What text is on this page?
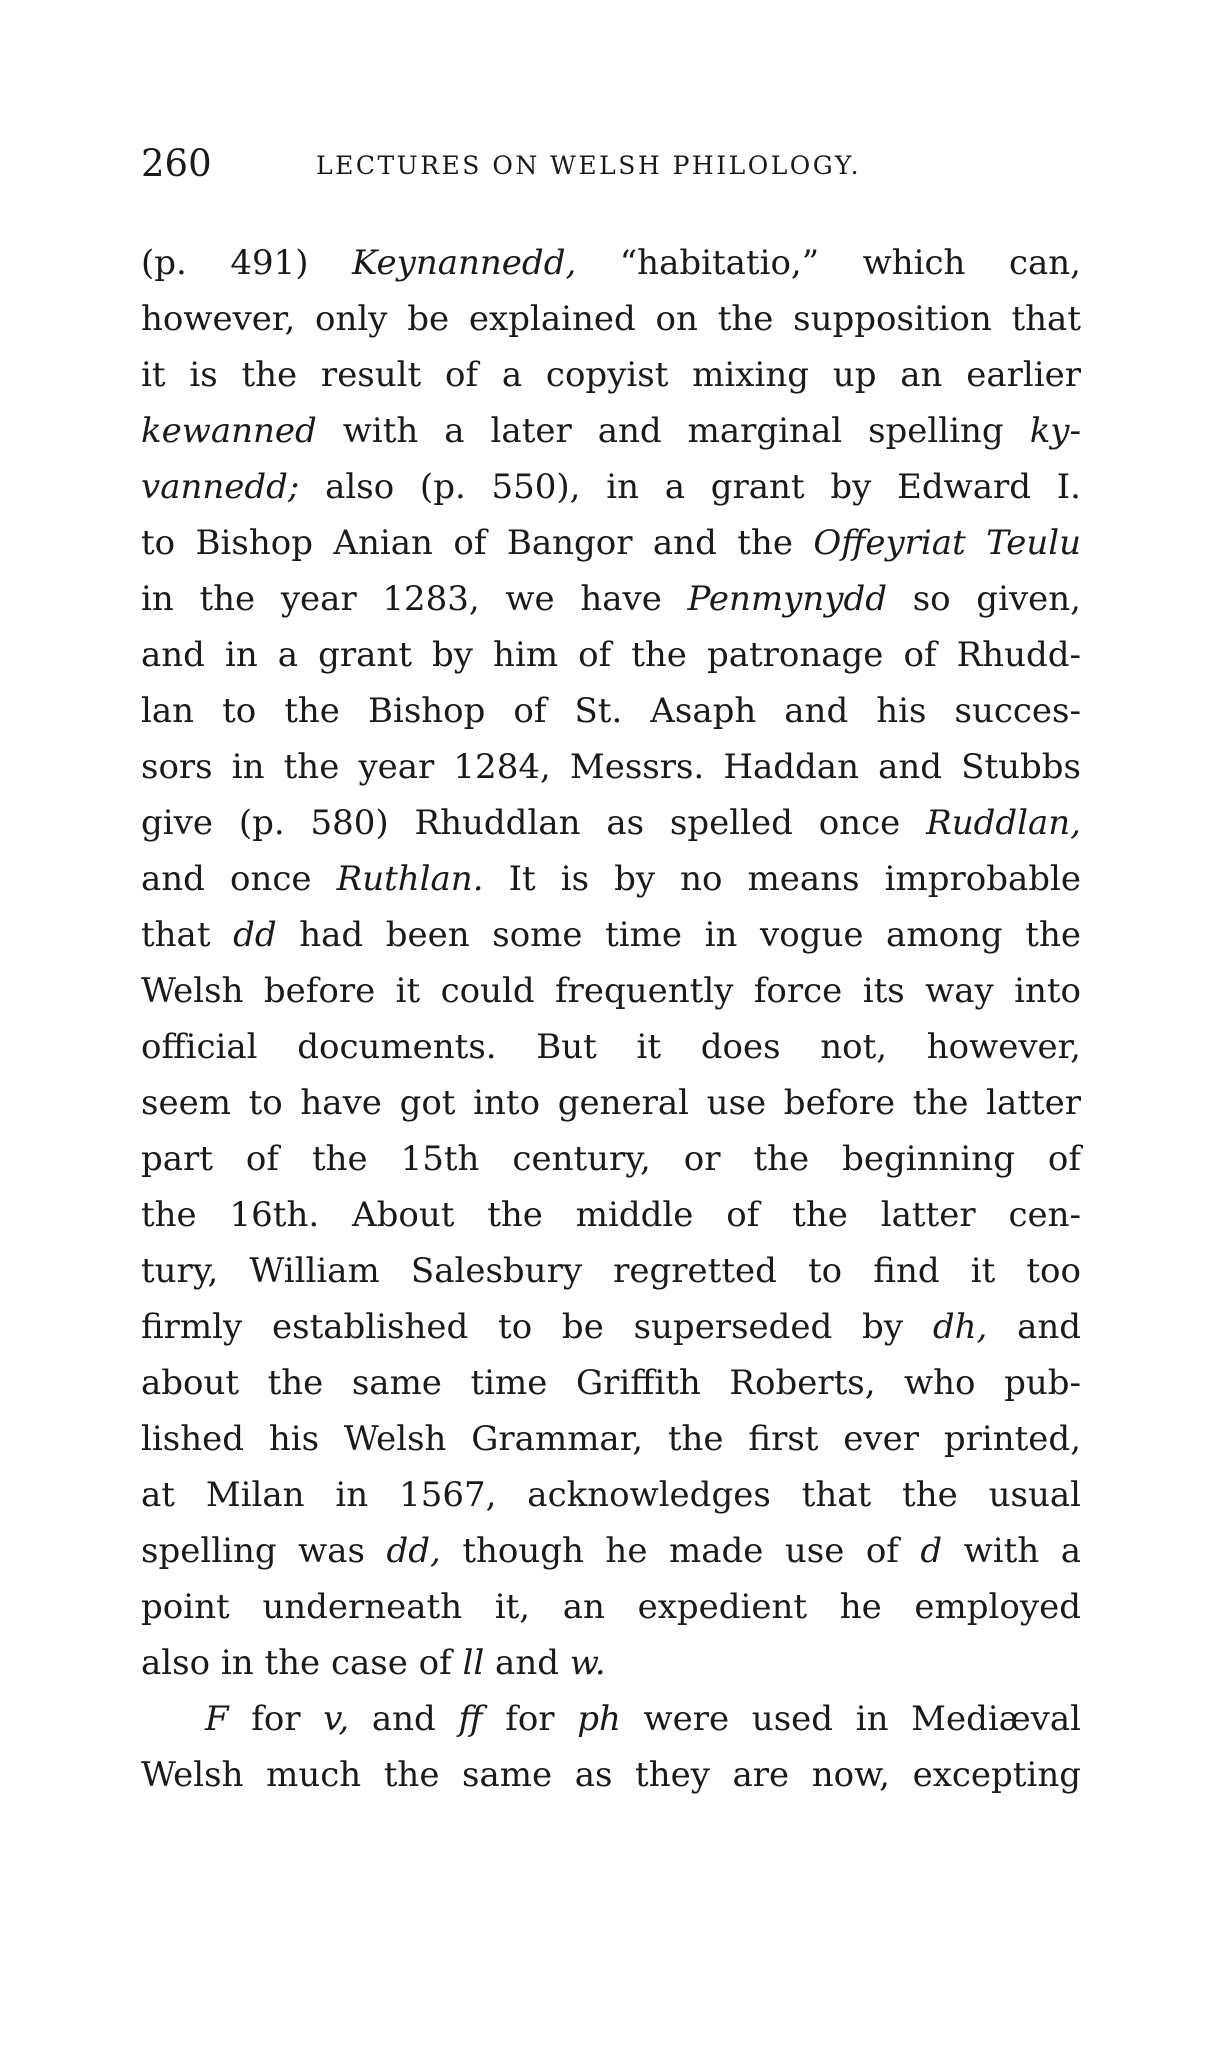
260	LECTURES ON WELSH PHILOLOGY.
(p. 491) Keynannedd, “habitatio,” which can,
however, only be explained on the supposition that
it is the result of a copyist mixing up an earlier
kewanned with a later and marginal spelling ky-
vannedd; also (p. 550), in a grant by Edward I.
to Bishop Anian of Bangor and the Offeyriat Teulu
in the year 1283, we have Penmynydd so given,
and in a grant by him of the patronage of Rhudd-
lan to the Bishop of St. Asaph and his succes-
sors in the year 1284, Messrs. Haddan and Stubbs
give (p. 580) Rhuddlan as spelled once Ruddlan,
and once Ruthlan. It is by no means improbable
that dd had been some time in vogue among the
Welsh before it could frequently force its way into
official documents. But it does not, however,
seem to have got into general use before the latter
part of the 15th century, or the beginning of
the 16th. About the middle of the latter cen-
tury, William Salesbury regretted to find it too
firmly established to be superseded by dh, and
about the same time Griffith Roberts, who pub-
lished his Welsh Grammar, the first ever printed,
at Milan in 1567, acknowledges that the usual
spelling was dd, though he made use of d with a
point underneath it, an expedient he employed
also in the case of ll and w.
F for v, and ff for ph were used in Mediæval
Welsh much the same as they are now, excepting
